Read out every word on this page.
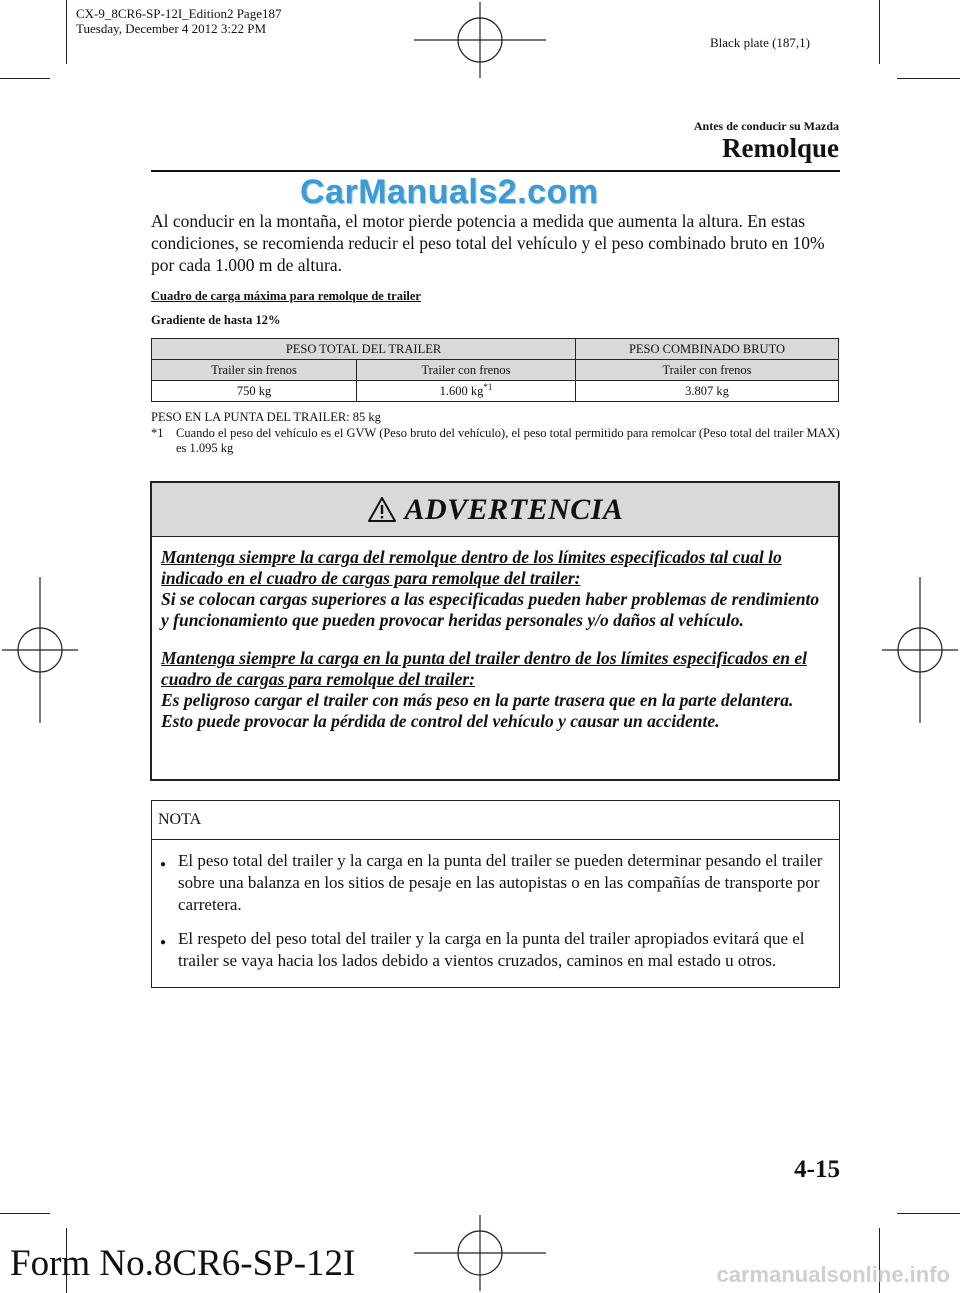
CX-9_8CR6-SP-12I_Edition2 Page187
Tuesday, December 4 2012 3:22 PM
Black plate (187,1)
Antes de conducir su Mazda
Remolque
CarManuals2.com
Al conducir en la montaña, el motor pierde potencia a medida que aumenta la altura. En estas condiciones, se recomienda reducir el peso total del vehículo y el peso combinado bruto en 10% por cada 1.000 m de altura.
Cuadro de carga máxima para remolque de trailer
Gradiente de hasta 12%
PESO TOTAL DEL TRAILER		PESO COMBINADO BRUTO
Trailer sin frenos	Trailer con frenos	Trailer con frenos
750 kg	1.600 $kg^{*1}$	3.807 kg
PESO EN LA PUNTA DEL TRAILER: 85 kg
*1	Cuando el peso del vehículo es el GVW (Peso bruto del vehículo), el peso total permitido para remolcar (Peso total del trailer MAX) es 1.095 kg
ADVERTENCIA
Mantenga siempre la carga del remolque dentro de los límites especificados tal cual lo indicado en el cuadro de cargas para remolque del trailer:
Si se colocan cargas superiores a las especificadas pueden haber problemas de rendimiento y funcionamiento que pueden provocar heridas personales y/o daños al vehículo.
Mantenga siempre la carga en la punta del trailer dentro de los límites especificados en el cuadro de cargas para remolque del trailer:
Es peligroso cargar el trailer con más peso en la parte trasera que en la parte delantera. Esto puede provocar la pérdida de control del vehículo y causar un accidente.
NOTA
● El peso total del trailer y la carga en la punta del trailer se pueden determinar pesando el trailer sobre una balanza en los sitios de pesaje en las autopistas o en las compañías de transporte por carretera.
● El respeto del peso total del trailer y la carga en la punta del trailer apropiados evitará que el trailer se vaya hacia los lados debido a vientos cruzados, caminos en mal estado u otros.
4-15
Form No.8CR6-SP-12I	carmanualsonline.info
